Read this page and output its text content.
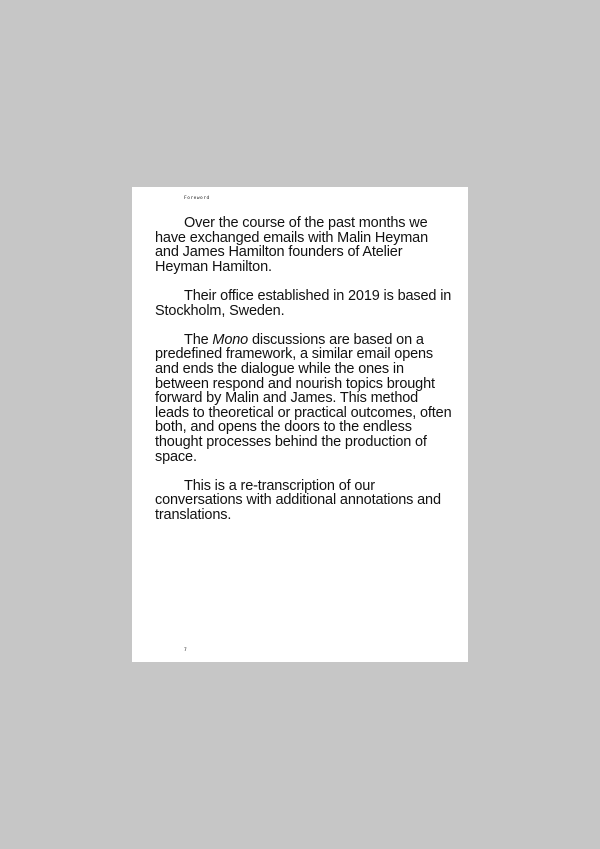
Foreword

Over the course of the past months we have exchanged emails with Malin Heyman and James Hamilton founders of Atelier Heyman Hamilton.

Their office established in 2019 is based in Stockholm, Sweden.

The Mono discussions are based on a predefined framework, a similar email opens and ends the dialogue while the ones in between respond and nourish topics brought forward by Malin and James. This method leads to theoretical or practical outcomes, often both, and opens the doors to the endless thought processes behind the production of space.

This is a re-transcription of our conversations with additional annotations and translations.

7
